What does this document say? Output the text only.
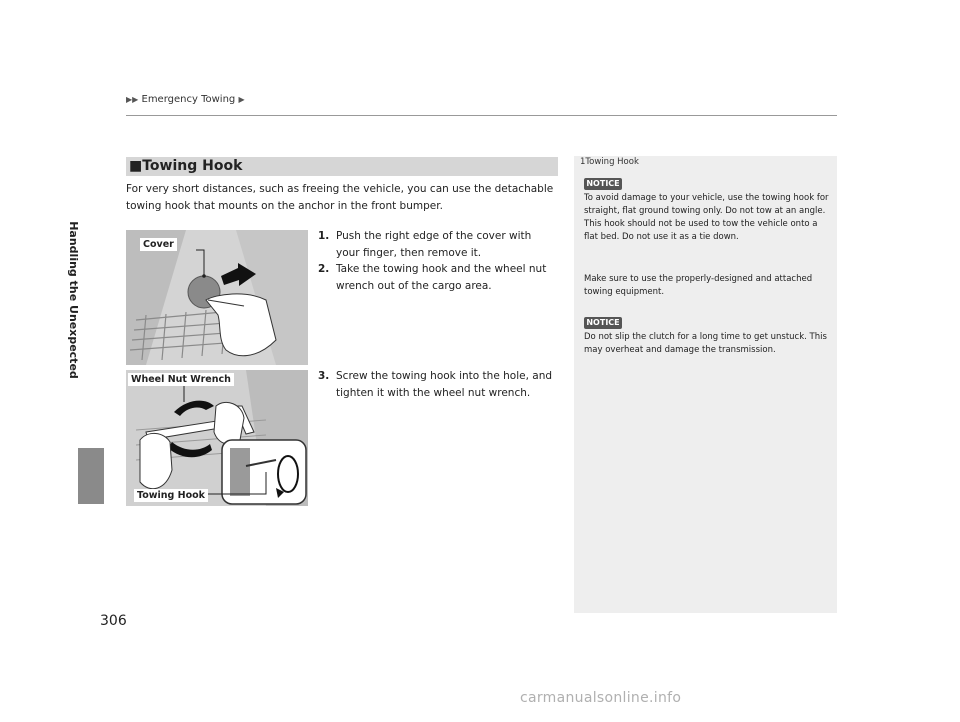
▶▶ Emergency Towing ▶
Handling the Unexpected
■Towing Hook
For very short distances, such as freeing the vehicle, you can use the detachable towing hook that mounts on the anchor in the front bumper.

1. Push the right edge of the cover with your finger, then remove it.

2. Take the towing hook and the wheel nut wrench out of the cargo area.

3. Screw the towing hook into the hole, and tighten it with the wheel nut wrench.

Cover
Wheel Nut Wrench
Towing Hook
1Towing Hook
NOTICE
To avoid damage to your vehicle, use the towing hook for straight, flat ground towing only. Do not tow at an angle. This hook should not be used to tow the vehicle onto a flat bed. Do not use it as a tie down.
Make sure to use the properly-designed and attached towing equipment.
NOTICE
Do not slip the clutch for a long time to get unstuck. This may overheat and damage the transmission.
306
carmanualsonline.info
